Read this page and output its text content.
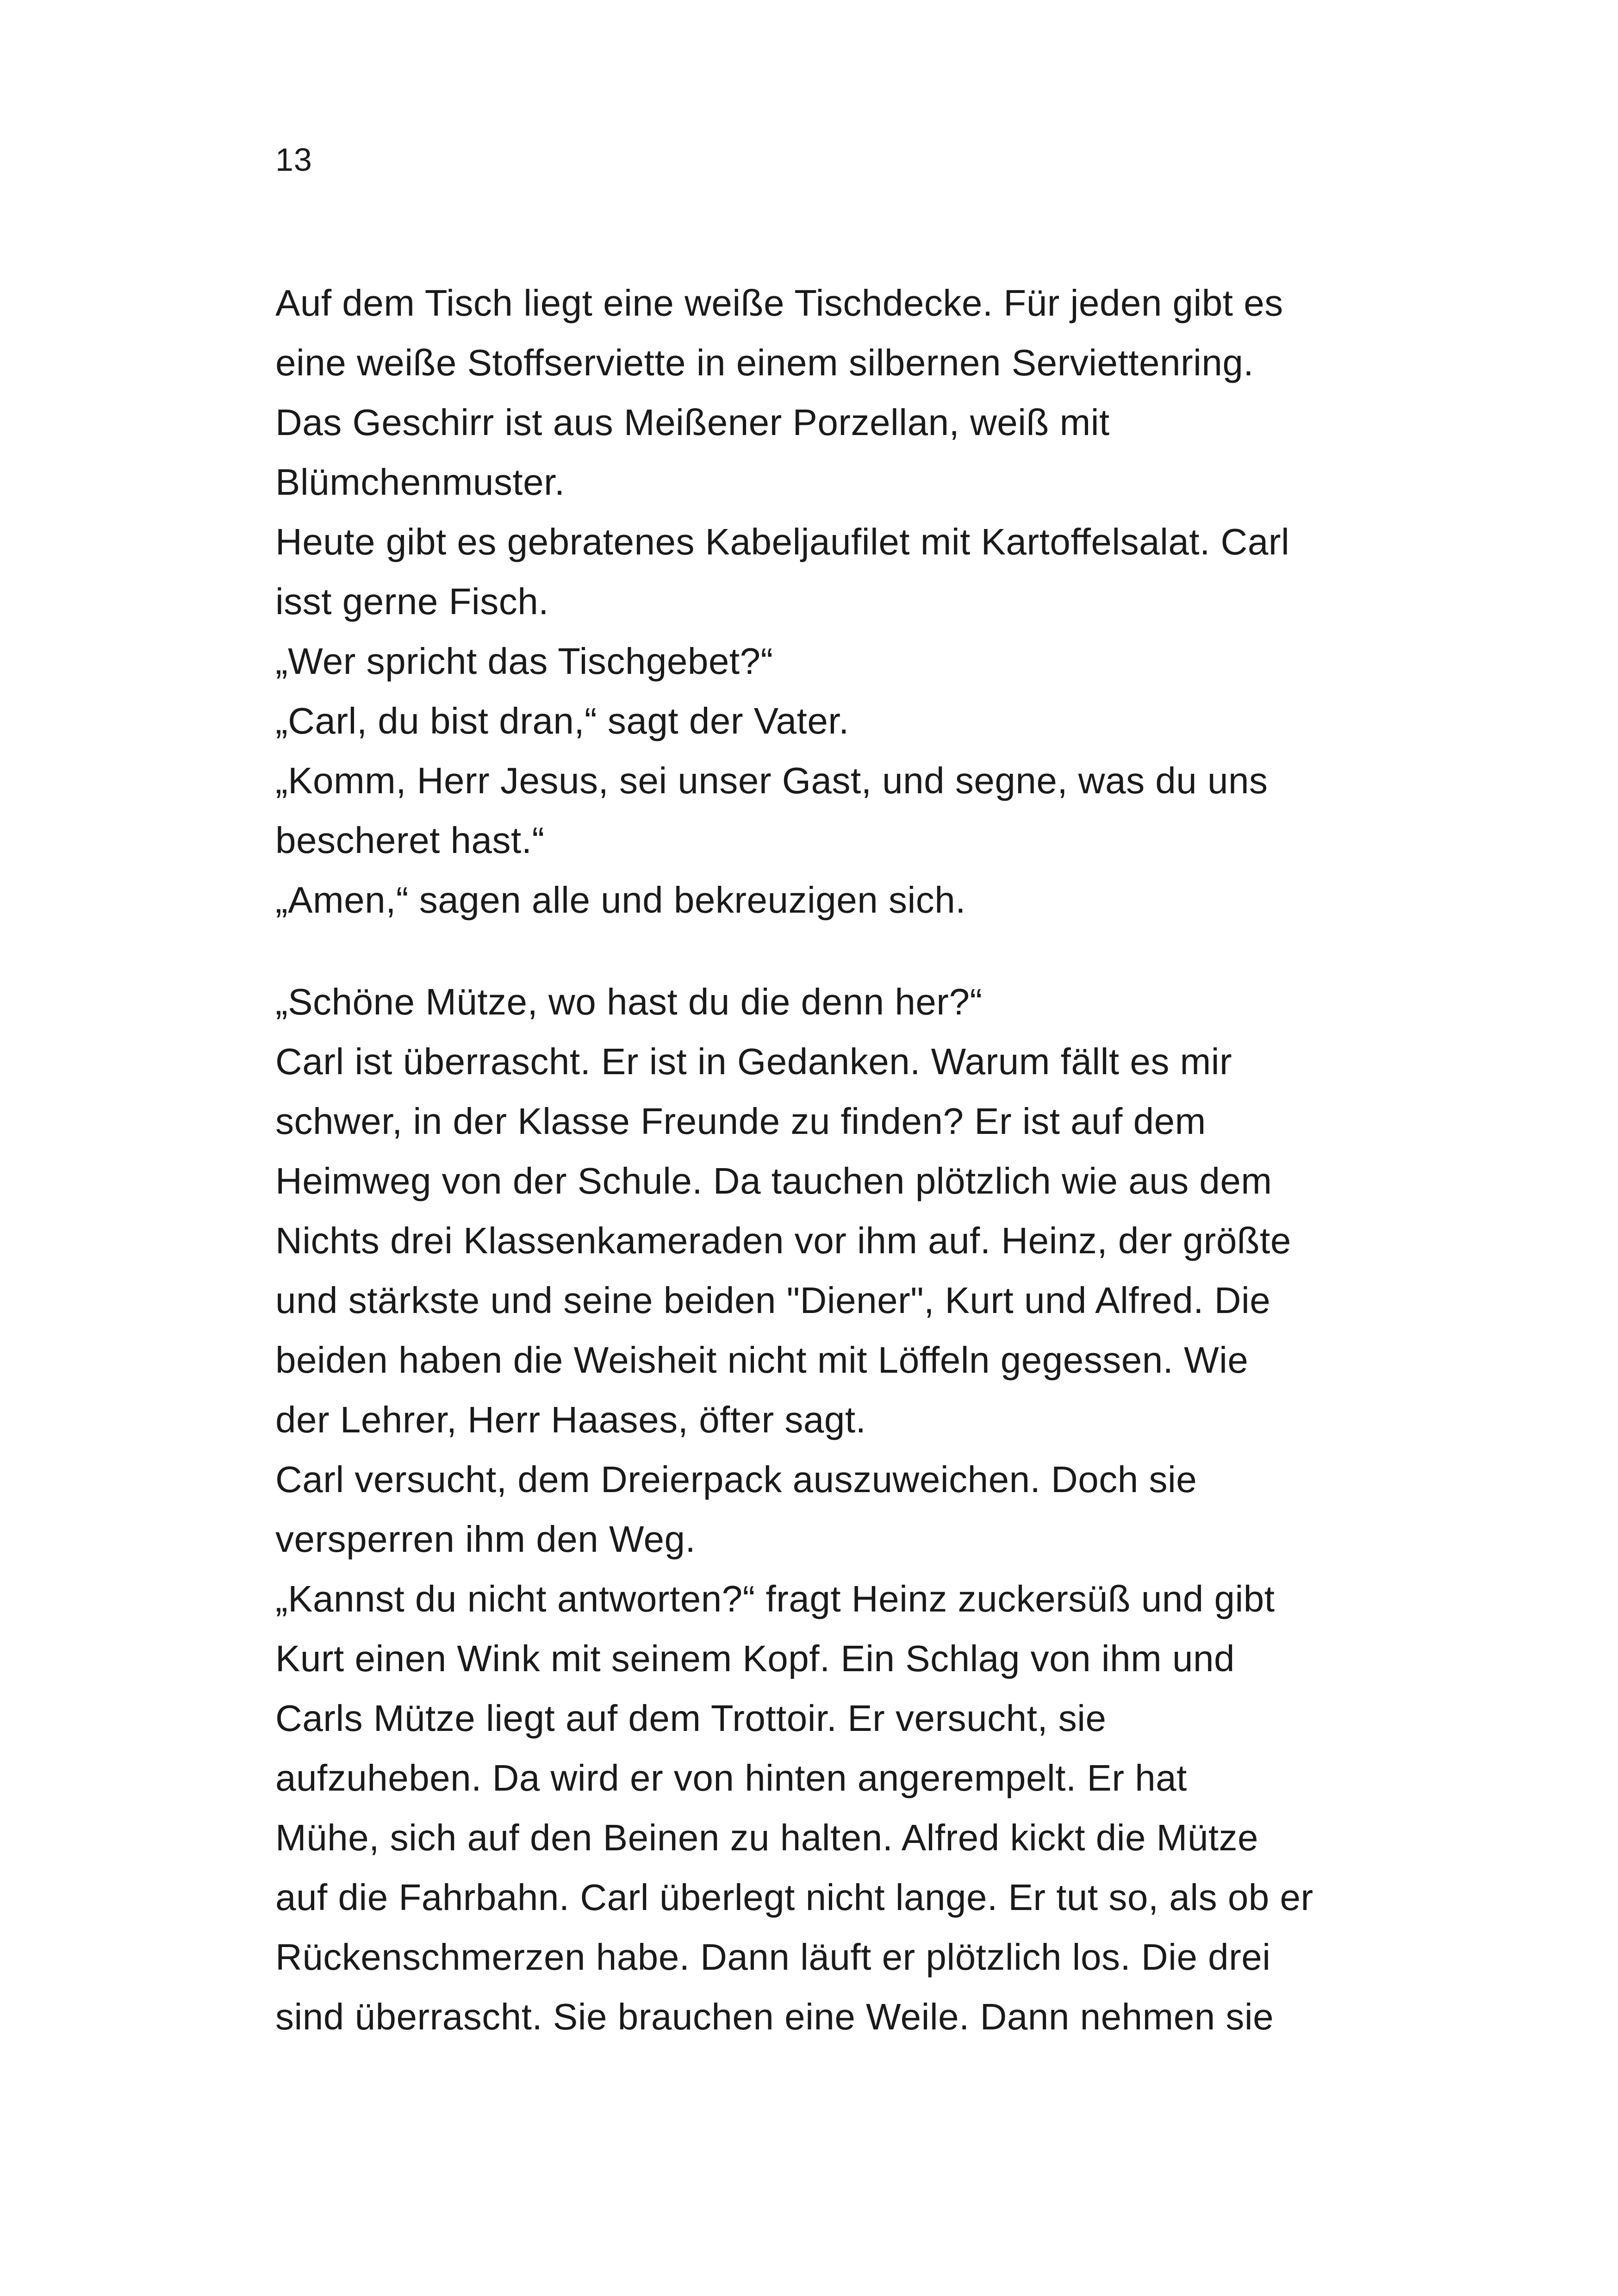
13
Auf dem Tisch liegt eine weiße Tischdecke. Für jeden gibt es
eine weiße Stoffserviette in einem silbernen Serviettenring.
Das Geschirr ist aus Meißener Porzellan, weiß mit
Blümchenmuster.
Heute gibt es gebratenes Kabeljaufilet mit Kartoffelsalat. Carl
isst gerne Fisch.
„Wer spricht das Tischgebet?“
„Carl, du bist dran,“ sagt der Vater.
„Komm, Herr Jesus, sei unser Gast, und segne, was du uns
bescheret hast.“
„Amen,“ sagen alle und bekreuzigen sich.
„Schöne Mütze, wo hast du die denn her?“
Carl ist überrascht. Er ist in Gedanken. Warum fällt es mir
schwer, in der Klasse Freunde zu finden? Er ist auf dem
Heimweg von der Schule. Da tauchen plötzlich wie aus dem
Nichts drei Klassenkameraden vor ihm auf. Heinz, der größte
und stärkste und seine beiden "Diener", Kurt und Alfred. Die
beiden haben die Weisheit nicht mit Löffeln gegessen. Wie
der Lehrer, Herr Haases, öfter sagt.
Carl versucht, dem Dreierpack auszuweichen. Doch sie
versperren ihm den Weg.
„Kannst du nicht antworten?“ fragt Heinz zuckersüß und gibt
Kurt einen Wink mit seinem Kopf. Ein Schlag von ihm und
Carls Mütze liegt auf dem Trottoir. Er versucht, sie
aufzuheben. Da wird er von hinten angerempelt. Er hat
Mühe, sich auf den Beinen zu halten. Alfred kickt die Mütze
auf die Fahrbahn. Carl überlegt nicht lange. Er tut so, als ob er
Rückenschmerzen habe. Dann läuft er plötzlich los. Die drei
sind überrascht. Sie brauchen eine Weile. Dann nehmen sie
